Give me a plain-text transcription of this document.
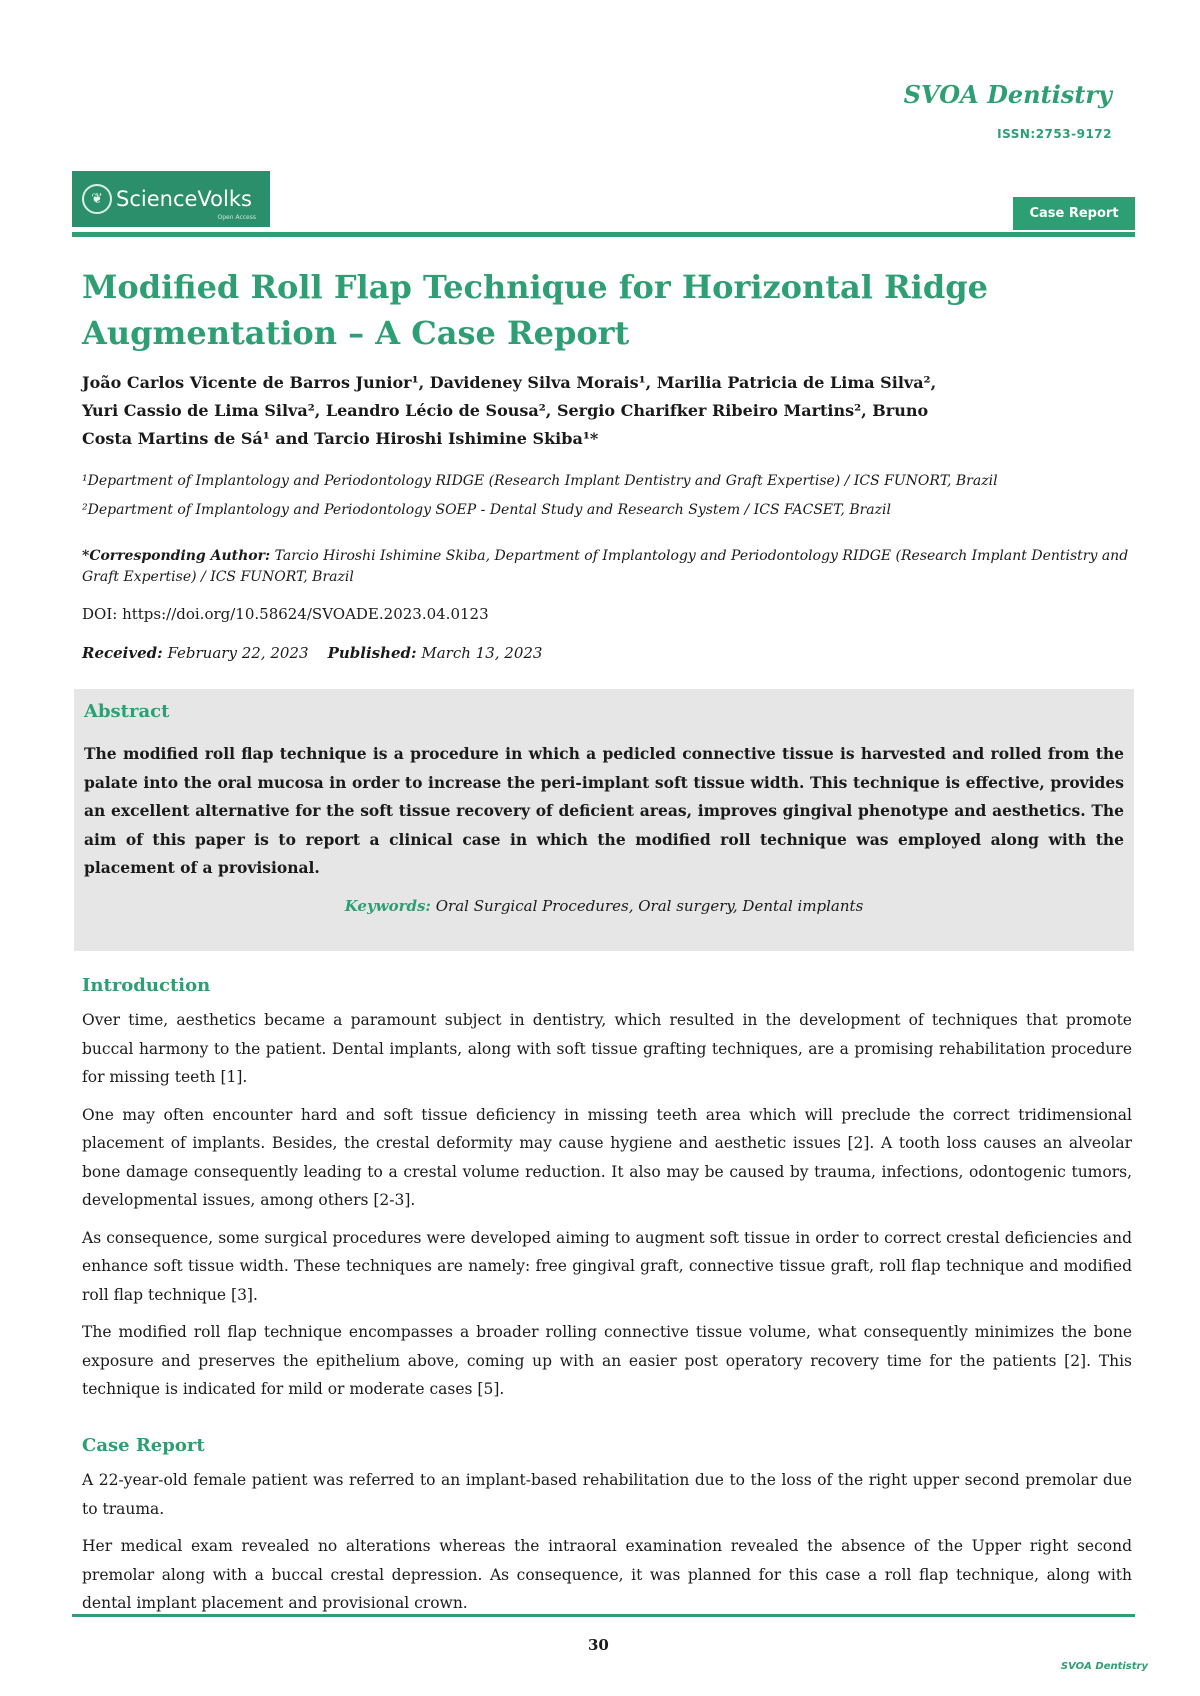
SVOA Dentistry
ISSN:2753-9172
❦ ScienceVolks
Open Access	Case Report
Modified Roll Flap Technique for Horizontal Ridge
Augmentation – A Case Report
João Carlos Vicente de Barros Junior¹, Davideney Silva Morais¹, Marilia Patricia de Lima Silva²,
Yuri Cassio de Lima Silva², Leandro Lécio de Sousa², Sergio Charifker Ribeiro Martins², Bruno
Costa Martins de Sá¹ and Tarcio Hiroshi Ishimine Skiba¹*
¹Department of Implantology and Periodontology RIDGE (Research Implant Dentistry and Graft Expertise) / ICS FUNORT, Brazil
²Department of Implantology and Periodontology SOEP - Dental Study and Research System / ICS FACSET, Brazil
*Corresponding Author: Tarcio Hiroshi Ishimine Skiba, Department of Implantology and Periodontology RIDGE (Research Implant Dentistry and Graft Expertise) / ICS FUNORT, Brazil
DOI: https://doi.org/10.58624/SVOADE.2023.04.0123
Received: February 22, 2023 Published: March 13, 2023
Abstract
The modified roll flap technique is a procedure in which a pedicled connective tissue is harvested and rolled from the palate into the oral mucosa in order to increase the peri-implant soft tissue width. This technique is effective, provides an excellent alternative for the soft tissue recovery of deficient areas, improves gingival phenotype and aesthetics. The aim of this paper is to report a clinical case in which the modified roll technique was employed along with the placement of a provisional.
Keywords: Oral Surgical Procedures, Oral surgery, Dental implants
Introduction

Over time, aesthetics became a paramount subject in dentistry, which resulted in the development of techniques that promote buccal harmony to the patient. Dental implants, along with soft tissue grafting techniques, are a promising rehabilitation procedure for missing teeth [1].

One may often encounter hard and soft tissue deficiency in missing teeth area which will preclude the correct tridimensional placement of implants. Besides, the crestal deformity may cause hygiene and aesthetic issues [2]. A tooth loss causes an alveolar bone damage consequently leading to a crestal volume reduction. It also may be caused by trauma, infections, odontogenic tumors, developmental issues, among others [2-3].

As consequence, some surgical procedures were developed aiming to augment soft tissue in order to correct crestal deficiencies and enhance soft tissue width. These techniques are namely: free gingival graft, connective tissue graft, roll flap technique and modified roll flap technique [3].

The modified roll flap technique encompasses a broader rolling connective tissue volume, what consequently minimizes the bone exposure and preserves the epithelium above, coming up with an easier post operatory recovery time for the patients [2]. This technique is indicated for mild or moderate cases [5].

Case Report

A 22-year-old female patient was referred to an implant-based rehabilitation due to the loss of the right upper second premolar due to trauma.

Her medical exam revealed no alterations whereas the intraoral examination revealed the absence of the Upper right second premolar along with a buccal crestal depression. As consequence, it was planned for this case a roll flap technique, along with dental implant placement and provisional crown.

30
SVOA Dentistry
